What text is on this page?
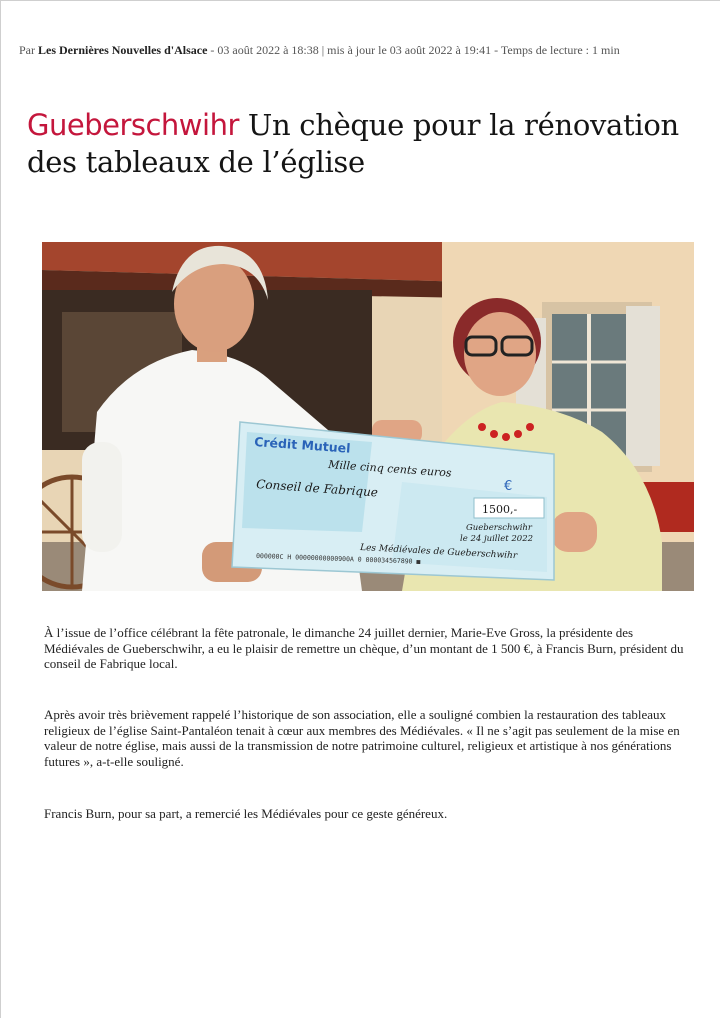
Par Les Dernières Nouvelles d'Alsace - 03 août 2022 à 18:38 | mis à jour le 03 août 2022 à 19:41 - Temps de lecture : 1 min
Gueberschwihr Un chèque pour la rénovation des tableaux de l’église
Crédit Mutuel
Mille cinq cents euros
Conseil de Fabrique	€
1500,-
Gueberschwihr
le 24 juillet 2022
Les Médiévales de Gueberschwihr
000000C H 00000000000900A 0 000034567890 ■

À l’issue de l’office célébrant la fête patronale, le dimanche 24 juillet dernier, Marie-Eve Gross, la présidente des Médiévales de Gueberschwihr, a eu le plaisir de remettre un chèque, d’un montant de 1 500 €, à Francis Burn, président du conseil de Fabrique local.

Après avoir très brièvement rappelé l’historique de son association, elle a souligné combien la restauration des tableaux religieux de l’église Saint-Pantaléon tenait à cœur aux membres des Médiévales. « Il ne s’agit pas seulement de la mise en valeur de notre église, mais aussi de la transmission de notre patrimoine culturel, religieux et artistique à nos générations futures », a-t-elle souligné.

Francis Burn, pour sa part, a remercié les Médiévales pour ce geste généreux.
